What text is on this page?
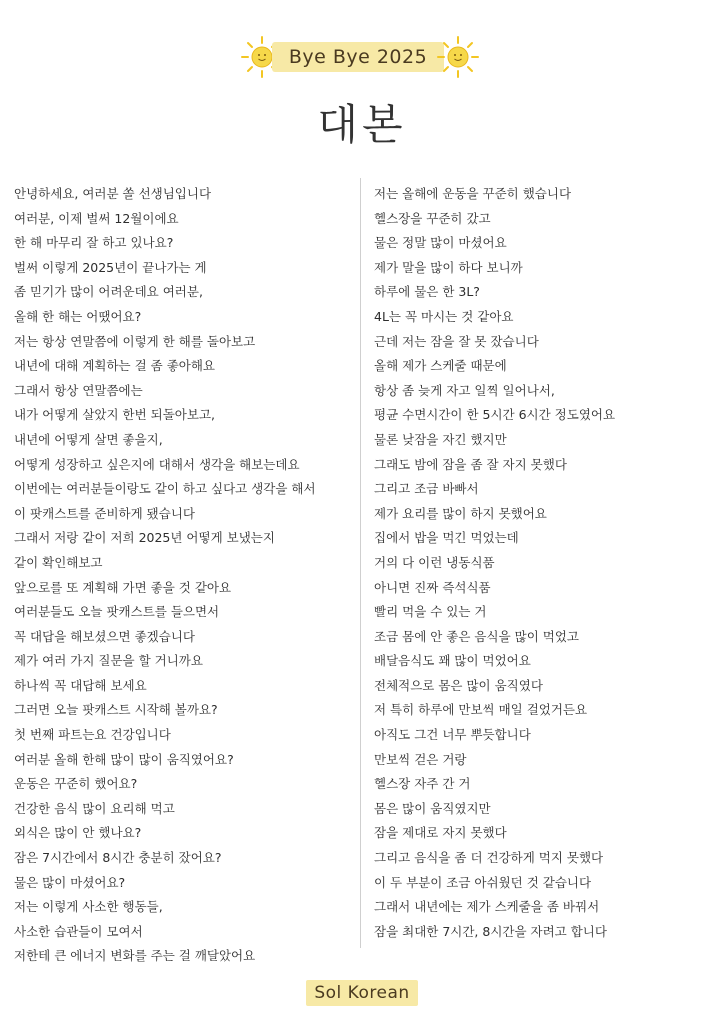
Bye Bye 2025
대본
안녕하세요, 여러분 쏠 선생님입니다
여러분, 이제 벌써 12월이에요
한 해 마무리 잘 하고 있나요?
벌써 이렇게 2025년이 끝나가는 게
좀 믿기가 많이 어려운데요 여러분,
올해 한 해는 어땠어요?
저는 항상 연말쯤에 이렇게 한 해를 돌아보고
내년에 대해 계획하는 걸 좀 좋아해요
그래서 항상 연말쯤에는
내가 어떻게 살았지 한번 되돌아보고,
내년에 어떻게 살면 좋을지,
어떻게 성장하고 싶은지에 대해서 생각을 해보는데요
이번에는 여러분들이랑도 같이 하고 싶다고 생각을 해서
이 팟캐스트를 준비하게 됐습니다
그래서 저랑 같이 저희 2025년 어떻게 보냈는지
같이 확인해보고
앞으로를 또 계획해 가면 좋을 것 같아요
여러분들도 오늘 팟캐스트를 들으면서
꼭 대답을 해보셨으면 좋겠습니다
제가 여러 가지 질문을 할 거니까요
하나씩 꼭 대답해 보세요
그러면 오늘 팟캐스트 시작해 볼까요?
첫 번째 파트는요 건강입니다
여러분 올해 한해 많이 많이 움직였어요?
운동은 꾸준히 했어요?
건강한 음식 많이 요리해 먹고
외식은 많이 안 했나요?
잠은 7시간에서 8시간 충분히 잤어요?
물은 많이 마셨어요?
저는 이렇게 사소한 행동들,
사소한 습관들이 모여서
저한테 큰 에너지 변화를 주는 걸 깨달았어요
저는 올해에 운동을 꾸준히 했습니다
헬스장을 꾸준히 갔고
물은 정말 많이 마셨어요
제가 말을 많이 하다 보니까
하루에 물은 한 3L?
4L는 꼭 마시는 것 같아요
근데 저는 잠을 잘 못 잤습니다
올해 제가 스케줄 때문에
항상 좀 늦게 자고 일찍 일어나서,
평균 수면시간이 한 5시간 6시간 정도였어요
물론 낮잠을 자긴 했지만
그래도 밤에 잠을 좀 잘 자지 못했다
그리고 조금 바빠서
제가 요리를 많이 하지 못했어요
집에서 밥을 먹긴 먹었는데
거의 다 이런 냉동식품
아니면 진짜 즉석식품
빨리 먹을 수 있는 거
조금 몸에 안 좋은 음식을 많이 먹었고
배달음식도 꽤 많이 먹었어요
전체적으로 몸은 많이 움직였다
저 특히 하루에 만보씩 매일 걸었거든요
아직도 그건 너무 뿌듯합니다
만보씩 걷은 거랑
헬스장 자주 간 거
몸은 많이 움직였지만
잠을 제대로 자지 못했다
그리고 음식을 좀 더 건강하게 먹지 못했다
이 두 부분이 조금 아쉬웠던 것 같습니다
그래서 내년에는 제가 스케줄을 좀 바꿔서
잠을 최대한 7시간, 8시간을 자려고 합니다
Sol Korean
